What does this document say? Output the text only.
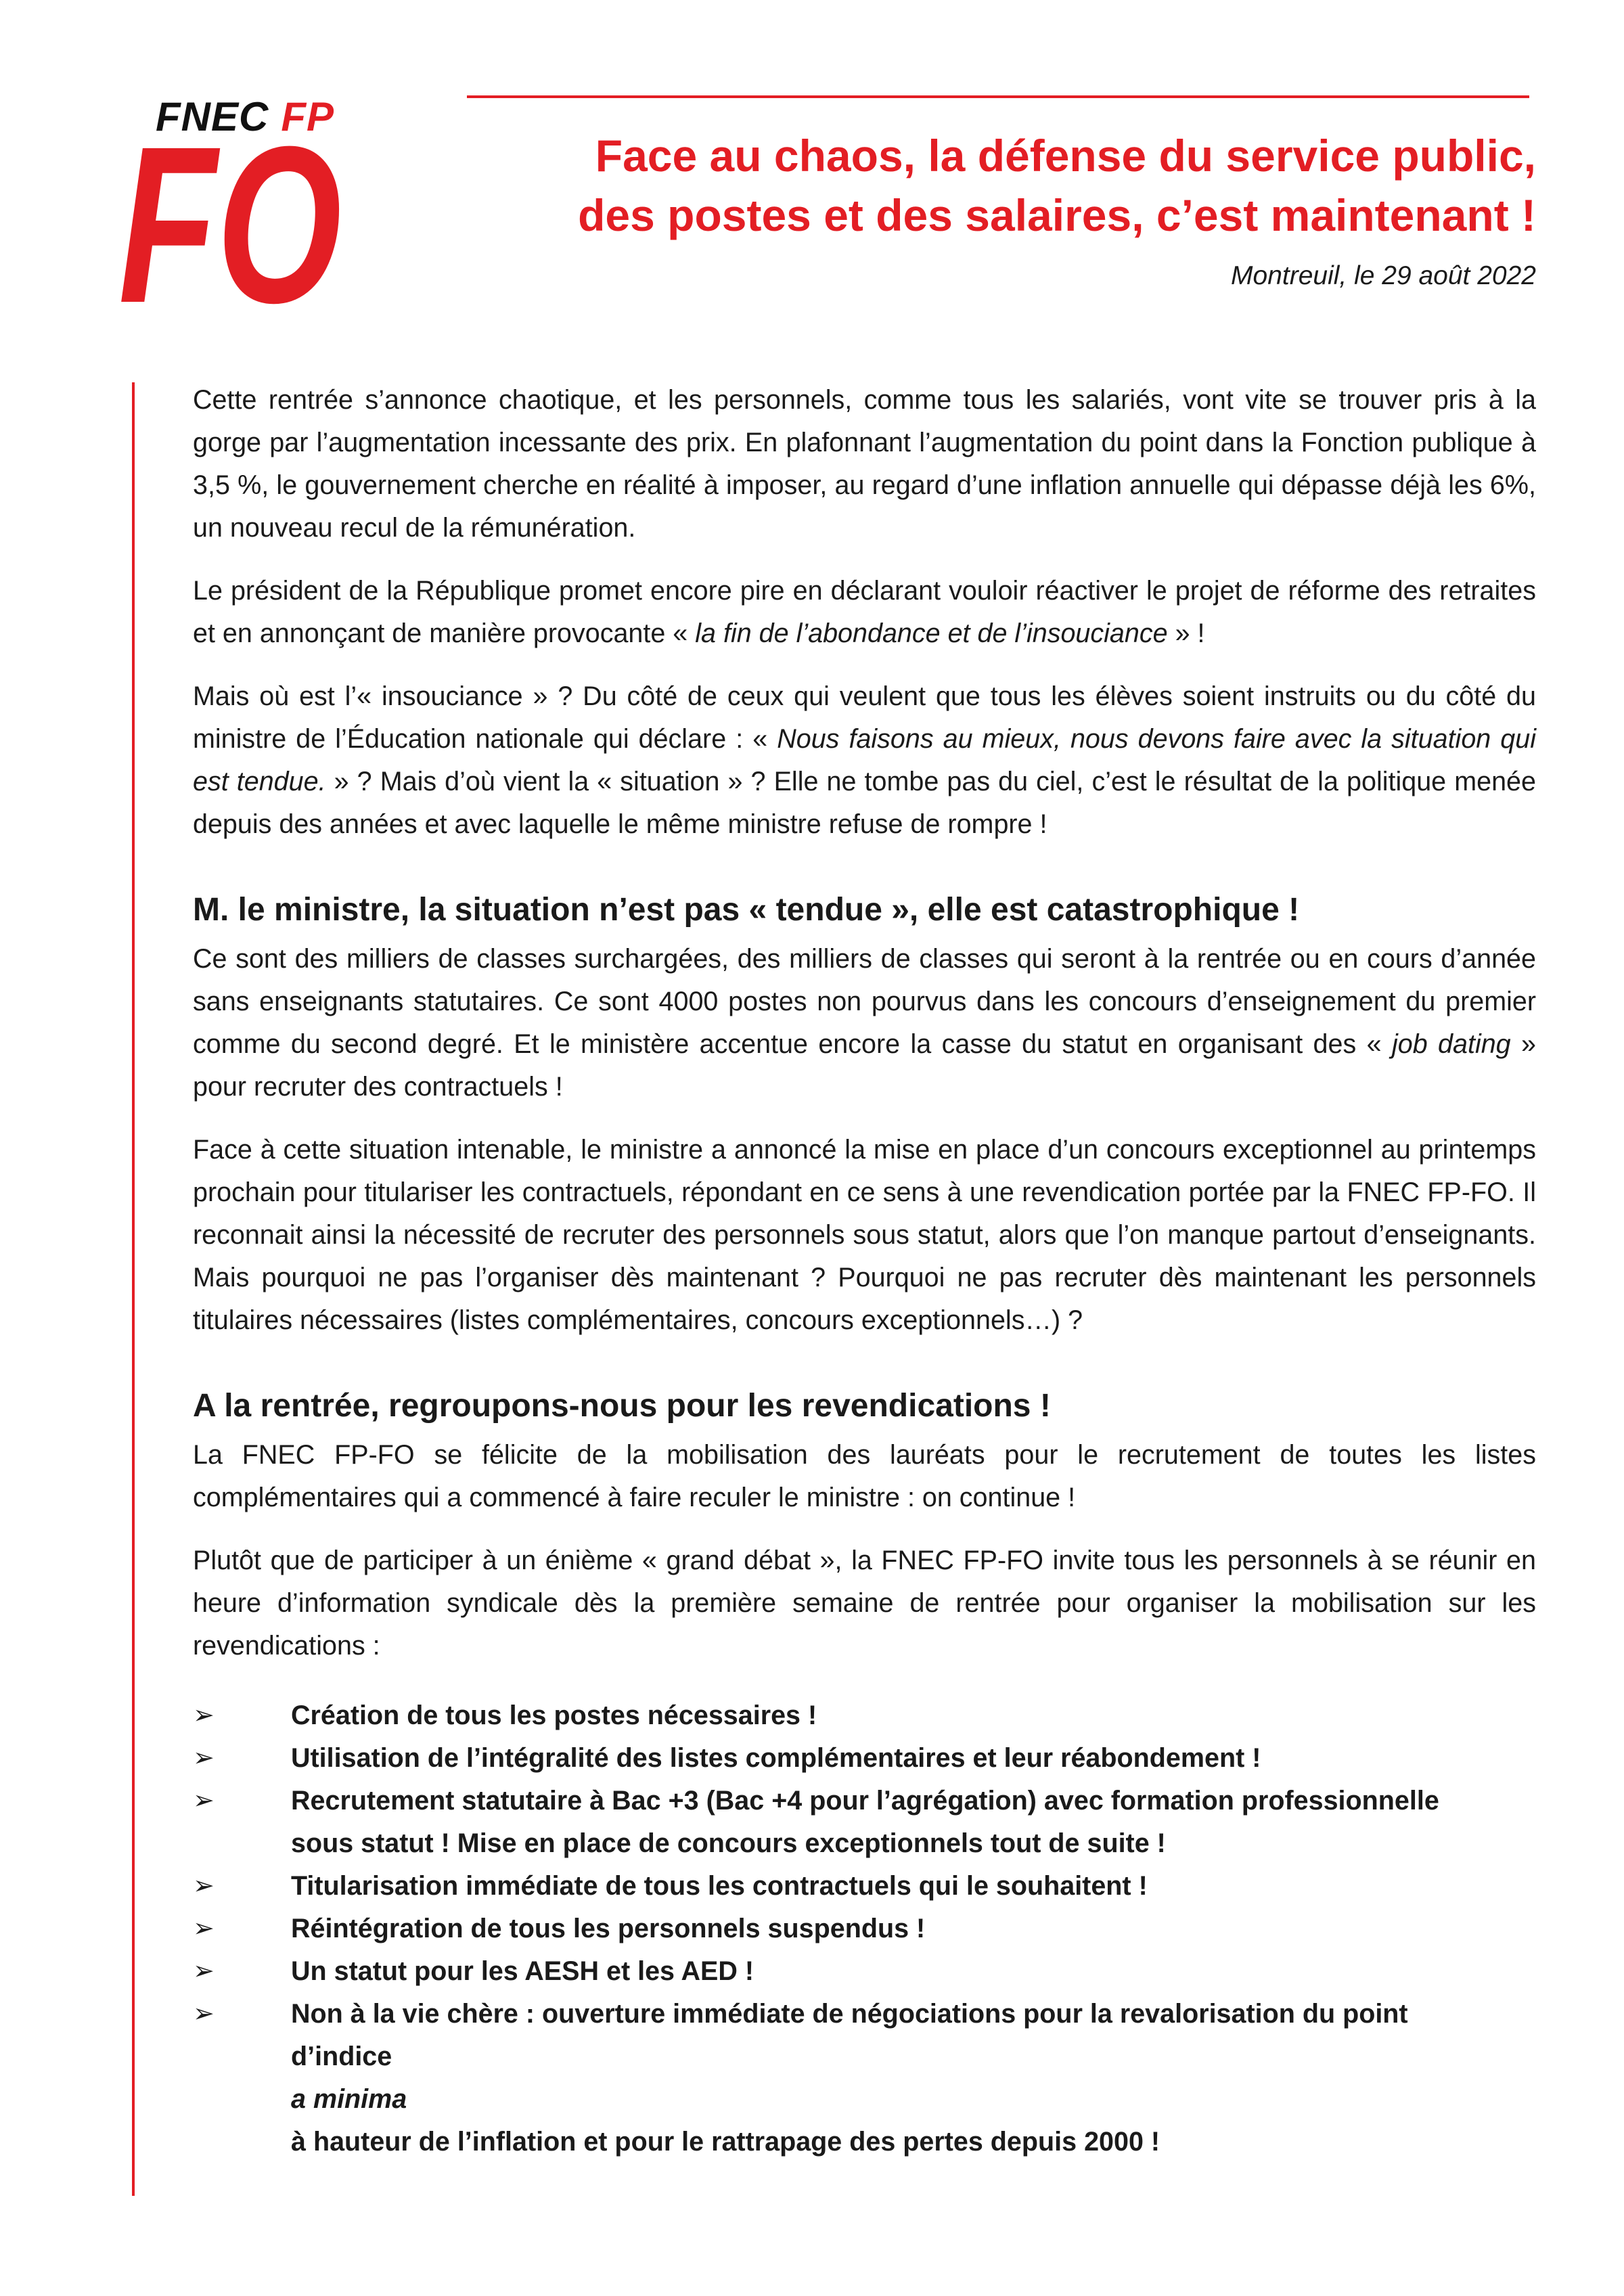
FNEC FP
FO	Face au chaos, la défense du service public,
des postes et des salaires, c’est maintenant !

Montreuil, le 29 août 2022

Cette rentrée s’annonce chaotique, et les personnels, comme tous les salariés, vont vite se trouver pris à la gorge par l’augmentation incessante des prix. En plafonnant l’augmentation du point dans la Fonction publique à 3,5 %, le gouvernement cherche en réalité à imposer, au regard d’une inflation annuelle qui dépasse déjà les 6%, un nouveau recul de la rémunération.

Le président de la République promet encore pire en déclarant vouloir réactiver le projet de réforme des retraites et en annonçant de manière provocante « la fin de l’abondance et de l’insouciance » !

Mais où est l’« insouciance » ? Du côté de ceux qui veulent que tous les élèves soient instruits ou du côté du ministre de l’Éducation nationale qui déclare : « Nous faisons au mieux, nous devons faire avec la situation qui est tendue. » ? Mais d’où vient la « situation » ? Elle ne tombe pas du ciel, c’est le résultat de la politique menée depuis des années et avec laquelle le même ministre refuse de rompre !

M. le ministre, la situation n’est pas « tendue », elle est catastrophique !

Ce sont des milliers de classes surchargées, des milliers de classes qui seront à la rentrée ou en cours d’année sans enseignants statutaires. Ce sont 4000 postes non pourvus dans les concours d’enseignement du premier comme du second degré. Et le ministère accentue encore la casse du statut en organisant des « job dating » pour recruter des contractuels !

Face à cette situation intenable, le ministre a annoncé la mise en place d’un concours exceptionnel au printemps prochain pour titulariser les contractuels, répondant en ce sens à une revendication portée par la FNEC FP-FO. Il reconnait ainsi la nécessité de recruter des personnels sous statut, alors que l’on manque partout d’enseignants. Mais pourquoi ne pas l’organiser dès maintenant ? Pourquoi ne pas recruter dès maintenant les personnels titulaires nécessaires (listes complémentaires, concours exceptionnels…) ?

A la rentrée, regroupons-nous pour les revendications !

La FNEC FP-FO se félicite de la mobilisation des lauréats pour le recrutement de toutes les listes complémentaires qui a commencé à faire reculer le ministre : on continue !

Plutôt que de participer à un énième « grand débat », la FNEC FP-FO invite tous les personnels à se réunir en heure d’information syndicale dès la première semaine de rentrée pour organiser la mobilisation sur les revendications :

➢	Création de tous les postes nécessaires !
➢	Utilisation de l’intégralité des listes complémentaires et leur réabondement !
➢	Recrutement statutaire à Bac +3 (Bac +4 pour l’agrégation) avec formation professionnelle
sous statut ! Mise en place de concours exceptionnels tout de suite !
➢	Titularisation immédiate de tous les contractuels qui le souhaitent !
➢	Réintégration de tous les personnels suspendus !
➢	Un statut pour les AESH et les AED !
➢	Non à la vie chère : ouverture immédiate de négociations pour la revalorisation du point
d’indice
a minima
à hauteur de l’inflation et pour le rattrapage des pertes depuis 2000 !
